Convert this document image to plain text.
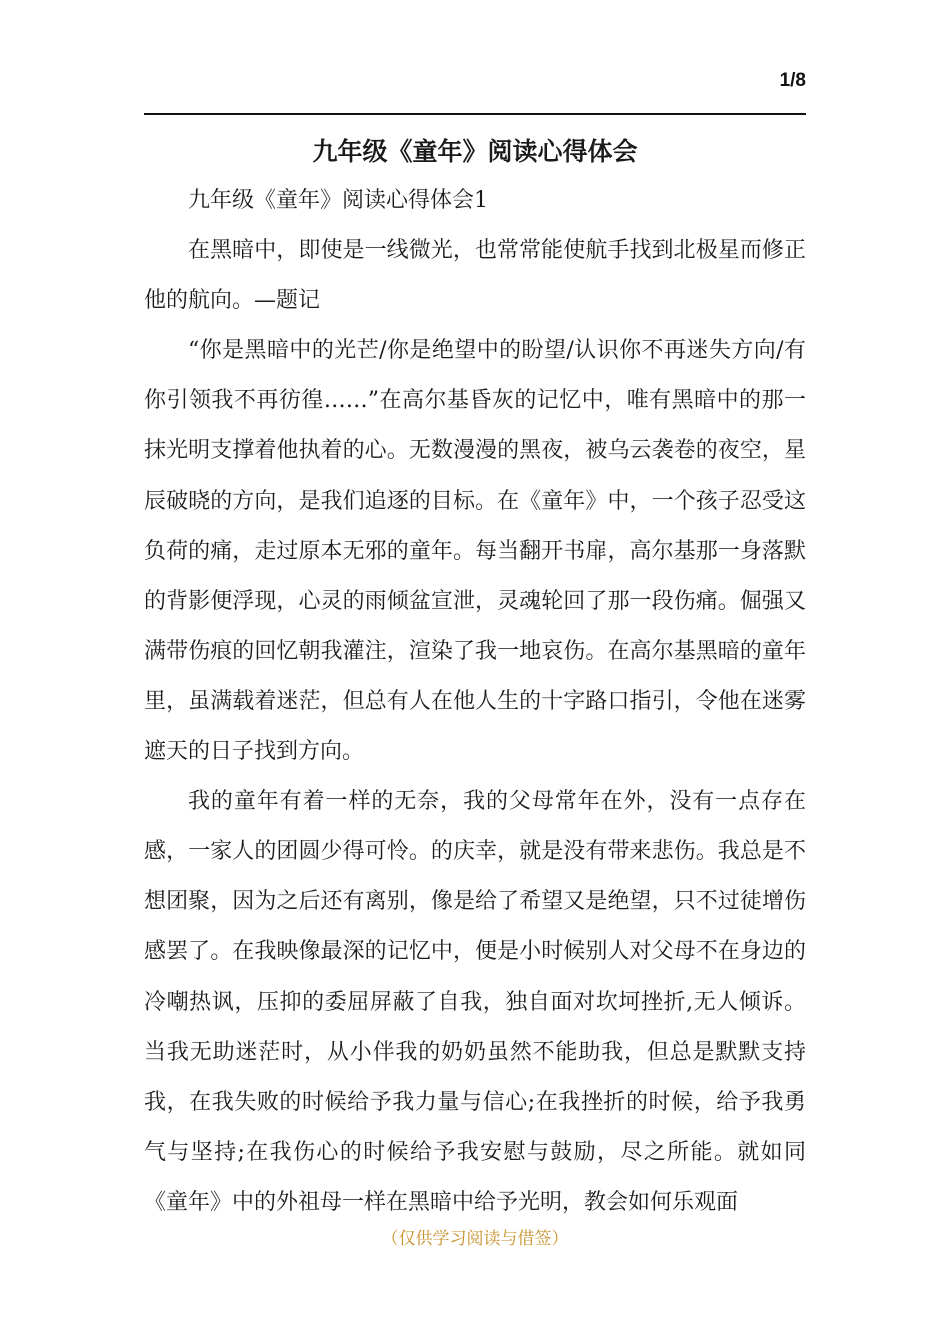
1/8
九年级《童年》阅读心得体会

九年级《童年》阅读心得体会1

在黑暗中，即使是一线微光，也常常能使航手找到北极星而修正他的航向。—题记

“你是黑暗中的光芒/你是绝望中的盼望/认识你不再迷失方向/有你引领我不再彷徨……”在高尔基昏灰的记忆中，唯有黑暗中的那一抹光明支撑着他执着的心。无数漫漫的黑夜，被乌云袭卷的夜空，星辰破晓的方向，是我们追逐的目标。在《童年》中，一个孩子忍受这负荷的痛，走过原本无邪的童年。每当翻开书扉，高尔基那一身落默的背影便浮现，心灵的雨倾盆宣泄，灵魂轮回了那一段伤痛。倔强又满带伤痕的回忆朝我灌注，渲染了我一地哀伤。在高尔基黑暗的童年里，虽满载着迷茫，但总有人在他人生的十字路口指引，令他在迷雾遮天的日子找到方向。

我的童年有着一样的无奈，我的父母常年在外，没有一点存在感，一家人的团圆少得可怜。的庆幸，就是没有带来悲伤。我总是不想团聚，因为之后还有离别，像是给了希望又是绝望，只不过徒增伤感罢了。在我映像最深的记忆中，便是小时候别人对父母不在身边的冷嘲热讽，压抑的委屈屏蔽了自我，独自面对坎坷挫折,无人倾诉。当我无助迷茫时，从小伴我的奶奶虽然不能助我，但总是默默支持我，在我失败的时候给予我力量与信心;在我挫折的时候，给予我勇气与坚持;在我伤心的时候给予我安慰与鼓励，尽之所能。就如同《童年》中的外祖母一样在黑暗中给予光明，教会如何乐观面

（仅供学习阅读与借签）
